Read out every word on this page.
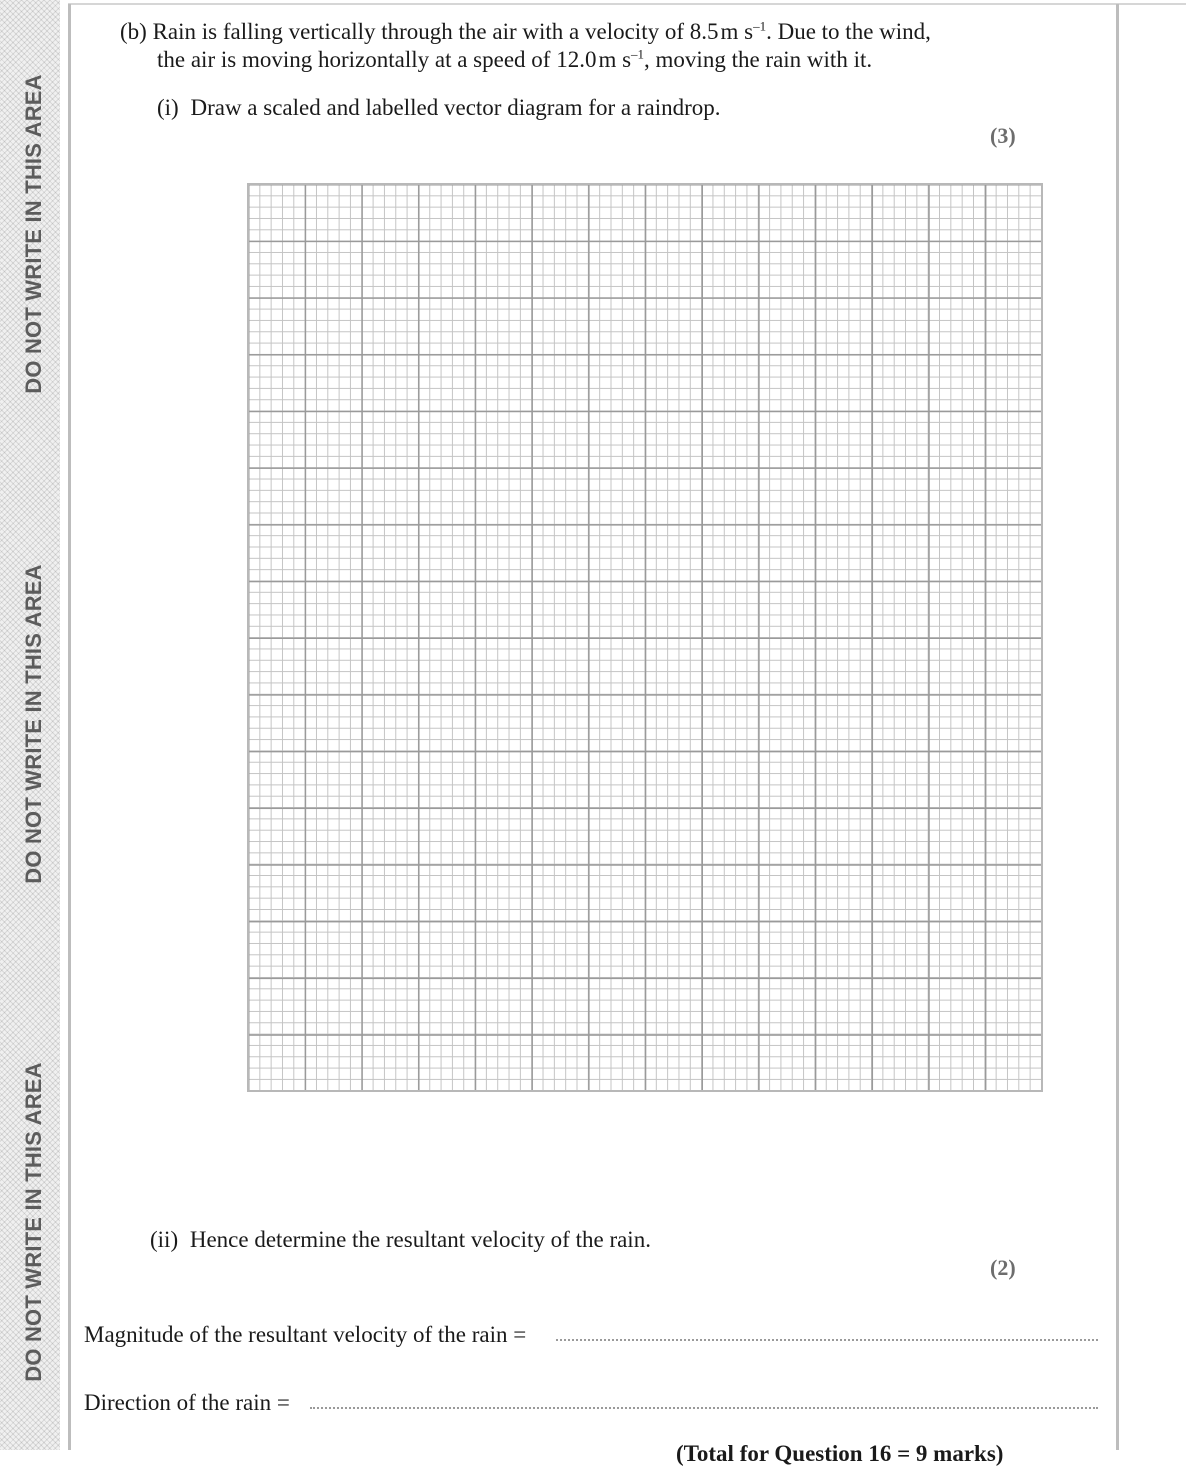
DO NOT WRITE IN THIS AREA
DO NOT WRITE IN THIS AREA
DO NOT WRITE IN THIS AREA
(b) Rain is falling vertically through the air with a velocity of 8.5m $s^{-1}$. Due to the wind,
the air is moving horizontally at a speed of 12.0m $s^{-1}$, moving the rain with it.
(i) Draw a scaled and labelled vector diagram for a raindrop.
(3)
(ii) Hence determine the resultant velocity of the rain.
(2)
Magnitude of the resultant velocity of the rain =
Direction of the rain =
(Total for Question 16 = 9 marks)
